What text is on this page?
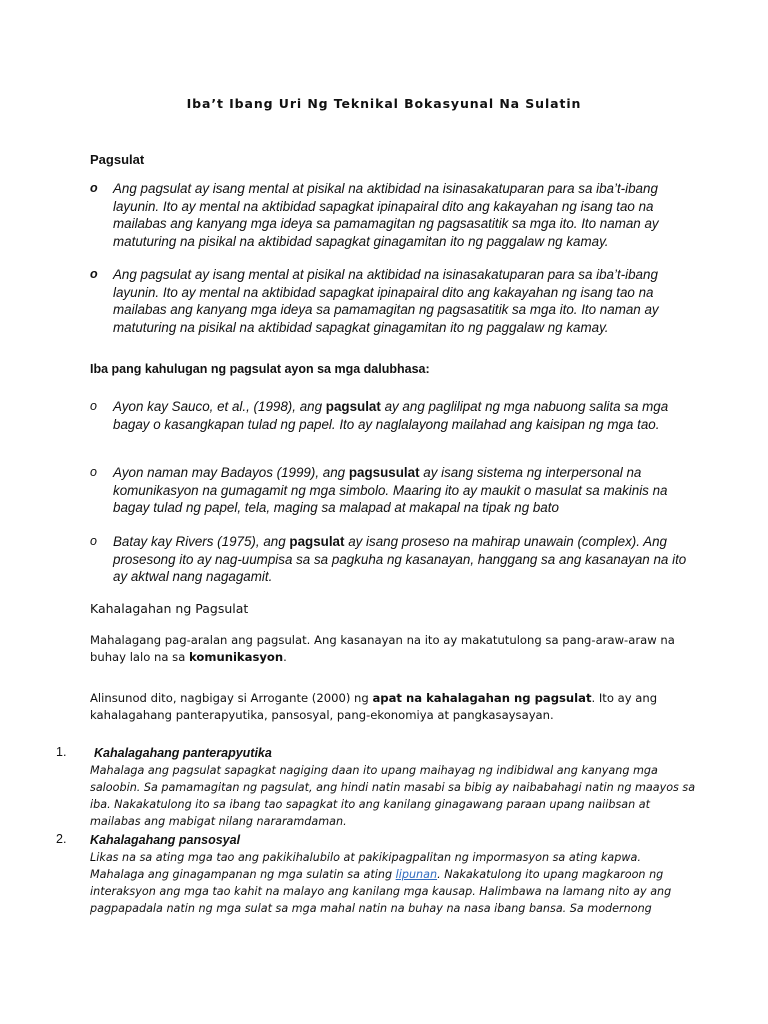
Iba’t Ibang Uri Ng Teknikal Bokasyunal Na Sulatin
Pagsulat
o Ang pagsulat ay isang mental at pisikal na aktibidad na isinasakatuparan para sa iba’t-ibang layunin. Ito ay mental na aktibidad sapagkat ipinapairal dito ang kakayahan ng isang tao na mailabas ang kanyang mga ideya sa pamamagitan ng pagsasatitik sa mga ito. Ito naman ay matuturing na pisikal na aktibidad sapagkat ginagamitan ito ng paggalaw ng kamay.
o Ang pagsulat ay isang mental at pisikal na aktibidad na isinasakatuparan para sa iba’t-ibang layunin. Ito ay mental na aktibidad sapagkat ipinapairal dito ang kakayahan ng isang tao na mailabas ang kanyang mga ideya sa pamamagitan ng pagsasatitik sa mga ito. Ito naman ay matuturing na pisikal na aktibidad sapagkat ginagamitan ito ng paggalaw ng kamay.
Iba pang kahulugan ng pagsulat ayon sa mga dalubhasa:
o Ayon kay Sauco, et al., (1998), ang pagsulat ay ang paglilipat ng mga nabuong salita sa mga bagay o kasangkapan tulad ng papel. Ito ay naglalayong mailahad ang kaisipan ng mga tao.
o Ayon naman may Badayos (1999), ang pagsusulat ay isang sistema ng interpersonal na komunikasyon na gumagamit ng mga simbolo. Maaring ito ay maukit o masulat sa makinis na bagay tulad ng papel, tela, maging sa malapad at makapal na tipak ng bato
o Batay kay Rivers (1975), ang pagsulat ay isang proseso na mahirap unawain (complex). Ang prosesong ito ay nag-uumpisa sa sa pagkuha ng kasanayan, hanggang sa ang kasanayan na ito ay aktwal nang nagagamit.
Kahalagahan ng Pagsulat
Mahalagang pag-aralan ang pagsulat. Ang kasanayan na ito ay makatutulong sa pang-araw-araw na buhay lalo na sa komunikasyon.
Alinsunod dito, nagbigay si Arrogante (2000) ng apat na kahalagahan ng pagsulat. Ito ay ang kahalagahang panterapyutika, pansosyal, pang-ekonomiya at pangkasaysayan.
1. Kahalagahang panterapyutika
Mahalaga ang pagsulat sapagkat nagiging daan ito upang maihayag ng indibidwal ang kanyang mga saloobin. Sa pamamagitan ng pagsulat, ang hindi natin masabi sa bibig ay naibabahagi natin ng maayos sa iba. Nakakatulong ito sa ibang tao sapagkat ito ang kanilang ginagawang paraan upang naiibsan at mailabas ang mabigat nilang nararamdaman.
2. Kahalagahang pansosyal
Likas na sa ating mga tao ang pakikihalubilo at pakikipagpalitan ng impormasyon sa ating kapwa. Mahalaga ang ginagampanan ng mga sulatin sa ating lipunan. Nakakatulong ito upang magkaroon ng interaksyon ang mga tao kahit na malayo ang kanilang mga kausap. Halimbawa na lamang nito ay ang pagpapadala natin ng mga sulat sa mga mahal natin na buhay na nasa ibang bansa. Sa modernong
